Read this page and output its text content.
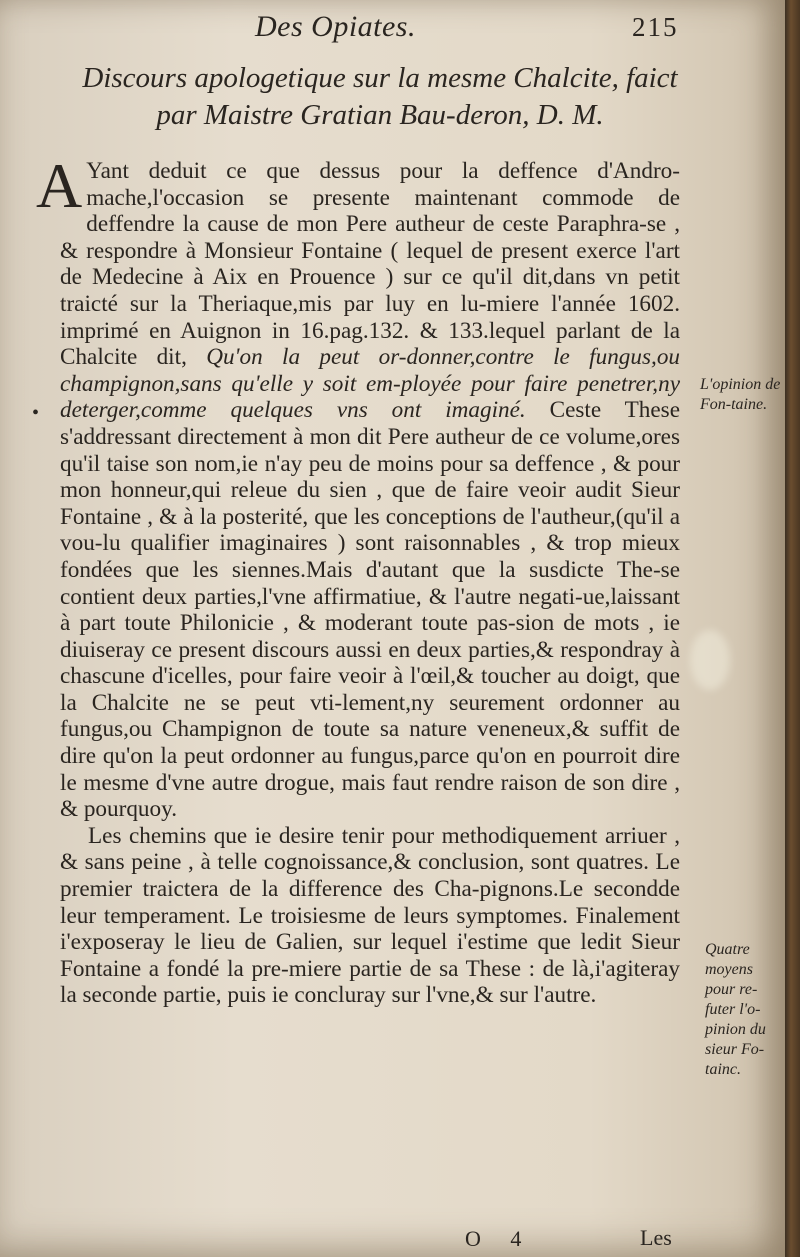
Des Opiates.	215
Discours apologetique sur la mesme Chalcite, faict par Maistre Gratian Bau-deron, D. M.
•

A Yant deduit ce que dessus pour la deffence d'Andro-mache,l'occasion se presente maintenant commode de deffendre la cause de mon Pere autheur de ceste Paraphra-se , & respondre à Monsieur Fontaine ( lequel de present exerce l'art de Medecine à Aix en Prouence ) sur ce qu'il dit,dans vn petit traicté sur la Theriaque,mis par luy en lu-miere l'année 1602. imprimé en Auignon in 16.pag.132. & 133.lequel parlant de la Chalcite dit, Qu'on la peut or-donner,contre le fungus,ou champignon,sans qu'elle y soit em-ployée pour faire penetrer,ny deterger,comme quelques vns ont imaginé. Ceste These s'addressant directement à mon dit Pere autheur de ce volume,ores qu'il taise son nom,ie n'ay peu de moins pour sa deffence , & pour mon honneur,qui releue du sien , que de faire veoir audit Sieur Fontaine , & à la posterité, que les conceptions de l'autheur,(qu'il a vou-lu qualifier imaginaires ) sont raisonnables , & trop mieux fondées que les siennes.Mais d'autant que la susdicte The-se contient deux parties,l'vne affirmatiue, & l'autre negati-ue,laissant à part toute Philonicie , & moderant toute pas-sion de mots , ie diuiseray ce present discours aussi en deux parties,& respondray à chascune d'icelles, pour faire veoir à l'œil,& toucher au doigt, que la Chalcite ne se peut vti-lement,ny seurement ordonner au fungus,ou Champignon de toute sa nature veneneux,& suffit de dire qu'on la peut ordonner au fungus,parce qu'on en pourroit dire le mesme d'vne autre drogue, mais faut rendre raison de son dire , & pourquoy.

Les chemins que ie desire tenir pour methodiquement arriuer , & sans peine , à telle cognoissance,& conclusion, sont quatres. Le premier traictera de la difference des Cha-pignons.Le secondde leur temperament. Le troisiesme de leurs symptomes. Finalement i'exposeray le lieu de Galien, sur lequel i'estime que ledit Sieur Fontaine a fondé la pre-miere partie de sa These : de là,i'agiteray la seconde partie, puis ie concluray sur l'vne,& sur l'autre.

L'opinion de Fon-taine.
Quatre moyens pour re-futer l'o-pinion du sieur Fo-tainc.
O 4	Les
